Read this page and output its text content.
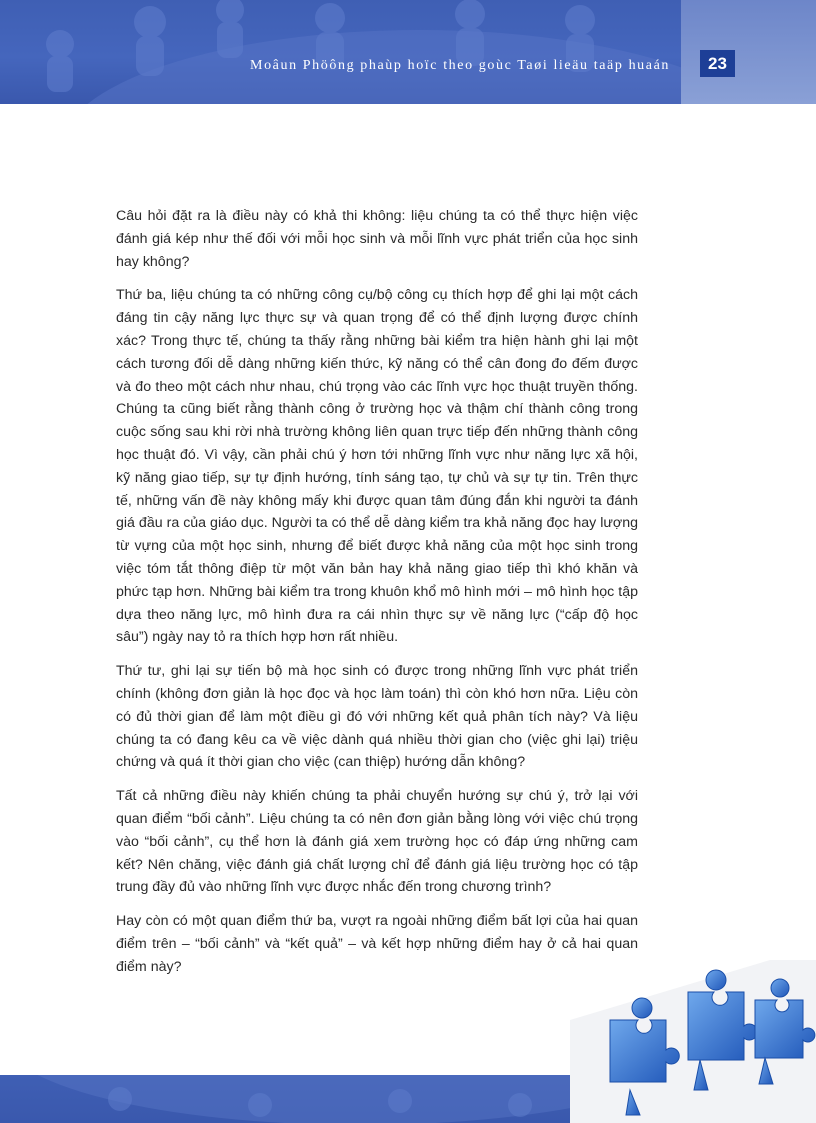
Moâun Phöông phaùp hoïc theo goùc Taøi lieäu taäp huaán	23

Câu hỏi đặt ra là điều này có khả thi không: liệu chúng ta có thể thực hiện việc đánh giá kép như thế đối với mỗi học sinh và mỗi lĩnh vực phát triển của học sinh hay không?

Thứ ba, liệu chúng ta có những công cụ/bộ công cụ thích hợp để ghi lại một cách đáng tin cậy năng lực thực sự và quan trọng để có thể định lượng được chính xác? Trong thực tế, chúng ta thấy rằng những bài kiểm tra hiện hành ghi lại một cách tương đối dễ dàng những kiến thức, kỹ năng có thể cân đong đo đếm được và đo theo một cách như nhau, chú trọng vào các lĩnh vực học thuật truyền thống. Chúng ta cũng biết rằng thành công ở trường học và thậm chí thành công trong cuộc sống sau khi rời nhà trường không liên quan trực tiếp đến những thành công học thuật đó. Vì vậy, cần phải chú ý hơn tới những lĩnh vực như năng lực xã hội, kỹ năng giao tiếp, sự tự định hướng, tính sáng tạo, tự chủ và sự tự tin. Trên thực tế, những vấn đề này không mấy khi được quan tâm đúng đắn khi người ta đánh giá đầu ra của giáo dục. Người ta có thể dễ dàng kiểm tra khả năng đọc hay lượng từ vựng của một học sinh, nhưng để biết được khả năng của một học sinh trong việc tóm tắt thông điệp từ một văn bản hay khả năng giao tiếp thì khó khăn và phức tạp hơn. Những bài kiểm tra trong khuôn khổ mô hình mới – mô hình học tập dựa theo năng lực, mô hình đưa ra cái nhìn thực sự về năng lực (“cấp độ học sâu”) ngày nay tỏ ra thích hợp hơn rất nhiều.

Thứ tư, ghi lại sự tiến bộ mà học sinh có được trong những lĩnh vực phát triển chính (không đơn giản là học đọc và học làm toán) thì còn khó hơn nữa. Liệu còn có đủ thời gian để làm một điều gì đó với những kết quả phân tích này? Và liệu chúng ta có đang kêu ca về việc dành quá nhiều thời gian cho (việc ghi lại) triệu chứng và quá ít thời gian cho việc (can thiệp) hướng dẫn không?

Tất cả những điều này khiến chúng ta phải chuyển hướng sự chú ý, trở lại với quan điểm “bối cảnh”. Liệu chúng ta có nên đơn giản bằng lòng với việc chú trọng vào “bối cảnh”, cụ thể hơn là đánh giá xem trường học có đáp ứng những cam kết? Nên chăng, việc đánh giá chất lượng chỉ để đánh giá liệu trường học có tập trung đầy đủ vào những lĩnh vực được nhắc đến trong chương trình?

Hay còn có một quan điểm thứ ba, vượt ra ngoài những điểm bất lợi của hai quan điểm trên – “bối cảnh” và “kết quả” – và kết hợp những điểm hay ở cả hai quan điểm này?
